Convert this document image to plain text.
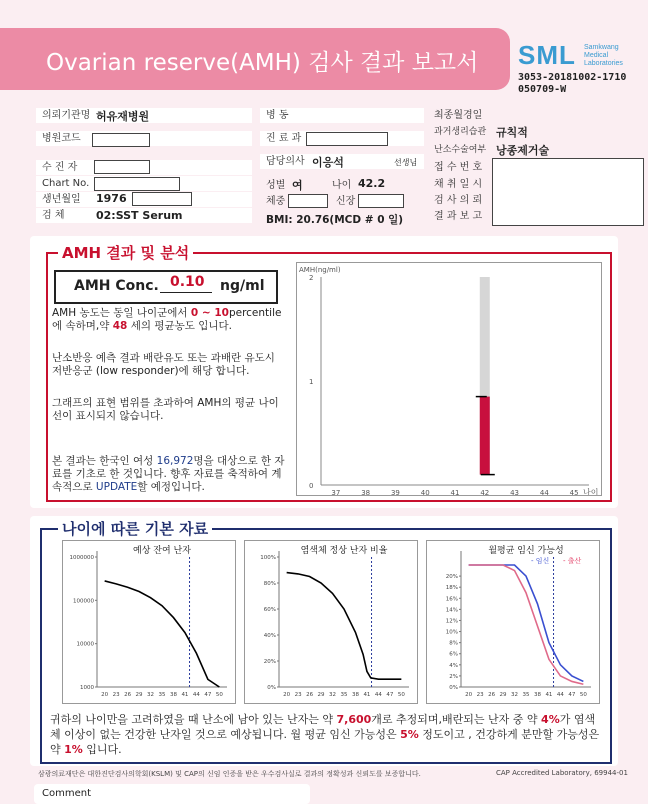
Ovarian reserve(AMH) 검사 결과 보고서 SML Samkwang
Medical
Laboratories
3053-20181002-1710
050709-W
의뢰기관명 허유재병원
병원코드
수 진 자
Chart No.
생년월일	1976
검 체	02:SST Serum
병 동
진 료 과
담당의사 이응석	선생님
성별 여	나이 42.2
체중	신장
BMI: 20.76(MCD # 0 일)
최종월경일
과거생리습관 규칙적
난소수술여부 낭종제거술
접 수 번 호
채 취 일 시
검 사 의 뢰
결 과 보 고
AMH 결과 및 분석
AMH Conc. 0.10 ng/ml
AMH 농도는 동일 나이군에서 0 ~ 10percentile에 속하며,약 48 세의 평균농도 입니다.
난소반응 예측 결과 배란유도 또는 과배란 유도시 저반응군 (low responder)에 해당 합니다.
그래프의 표현 범위를 초과하여 AMH의 평균 나이선이 표시되지 않습니다.
본 결과는 한국인 여성 16,972명을 대상으로 한 자료를 기초로 한 것입니다. 향후 자료를 축적하여 계속적으로 UPDATE할 예정입니다.
AMH(ng/ml)
0
1
2
37	38	39	40	41	42	43	44	45 나이
나이에 따른 기본 자료
예상 잔여 난자
1000
10000
100000
1000000
20 23 26 29 32 35 38 41 44 47 50
염색체 정상 난자 비율
0%
20%
40%
60%
80%
100%
20 23 26 29 32 35 38 41 44 47 50
월평균 임신 가능성
0%
2%
4%
6%
8%
10%
12%
14%
16%
18%
20%
20 23 26 29 32 35 38 41 44 47 50
- 임신 - 출산
귀하의 나이만을 고려하였을 때 난소에 남아 있는 난자는 약 7,600개로 추정되며,배란되는 난자 중 약 4%가 염색체 이상이 없는 건강한 난자일 것으로 예상됩니다. 월 평균 임신 가능성은 5% 정도이고 , 건강하게 분만할 가능성은 약 1% 입니다.
삼광의료재단은 대한진단검사의학회(KSLM) 및 CAP의 신임 인증을 받은 우수검사실로 결과의 정확성과 신뢰도를 보증합니다.	CAP Accredited Laboratory, 69944-01
Comment
